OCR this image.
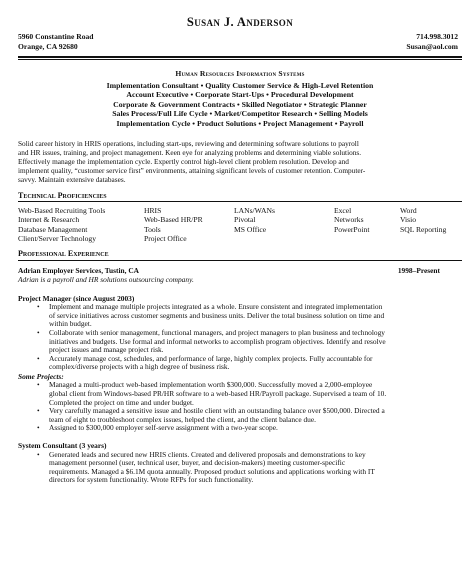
Susan J. Anderson
5960 Constantine Road
Orange, CA 92680
714.998.3012
Susan@aol.com
Human Resources Information Systems
Implementation Consultant • Quality Customer Service & High-Level Retention
Account Executive • Corporate Start-Ups • Procedural Development
Corporate & Government Contracts • Skilled Negotiator • Strategic Planner
Sales Process/Full Life Cycle • Market/Competitor Research • Selling Models
Implementation Cycle • Product Solutions • Project Management • Payroll
Solid career history in HRIS operations, including start-ups, reviewing and determining software solutions to payroll
and HR issues, training, and project management. Keen eye for analyzing problems and determining viable solutions.
Effectively manage the implementation cycle. Expertly control high-level client problem resolution. Develop and
implement quality, “customer service first” environments, attaining significant levels of customer retention. Computer-
savvy. Maintain extensive databases.
Technical Proficiencies
Web-Based Recruiting Tools
Internet & Research
Database Management
Client/Server Technology
HRIS
Web-Based HR/PR
Tools
Project Office
LANs/WANs
Pivotal
MS Office
Excel
Networks
PowerPoint
Word
Visio
SQL Reporting
Professional Experience
Adrian Employer Services, Tustin, CA	1998–Present
Adrian is a payroll and HR solutions outsourcing company.
Project Manager (since August 2003)
• Implement and manage multiple projects integrated as a whole. Ensure consistent and integrated implementation
of service initiatives across customer segments and business units. Deliver the total business solution on time and
within budget.
• Collaborate with senior management, functional managers, and project managers to plan business and technology
initiatives and budgets. Use formal and informal networks to accomplish program objectives. Identify and resolve
project issues and manage project risk.
• Accurately manage cost, schedules, and performance of large, highly complex projects. Fully accountable for
complex/diverse projects with a high degree of business risk.
Some Projects:
• Managed a multi-product web-based implementation worth $300,000. Successfully moved a 2,000-employee
global client from Windows-based PR/HR software to a web-based HR/Payroll package. Supervised a team of 10.
Completed the project on time and under budget.
• Very carefully managed a sensitive issue and hostile client with an outstanding balance over $500,000. Directed a
team of eight to troubleshoot complex issues, helped the client, and the client balance due.
• Assigned to $300,000 employer self-serve assignment with a two-year scope.
System Consultant (3 years)
• Generated leads and secured new HRIS clients. Created and delivered proposals and demonstrations to key
management personnel (user, technical user, buyer, and decision-makers) meeting customer-specific
requirements. Managed a $6.1M quota annually. Proposed product solutions and applications working with IT
directors for system functionality. Wrote RFPs for such functionality.
